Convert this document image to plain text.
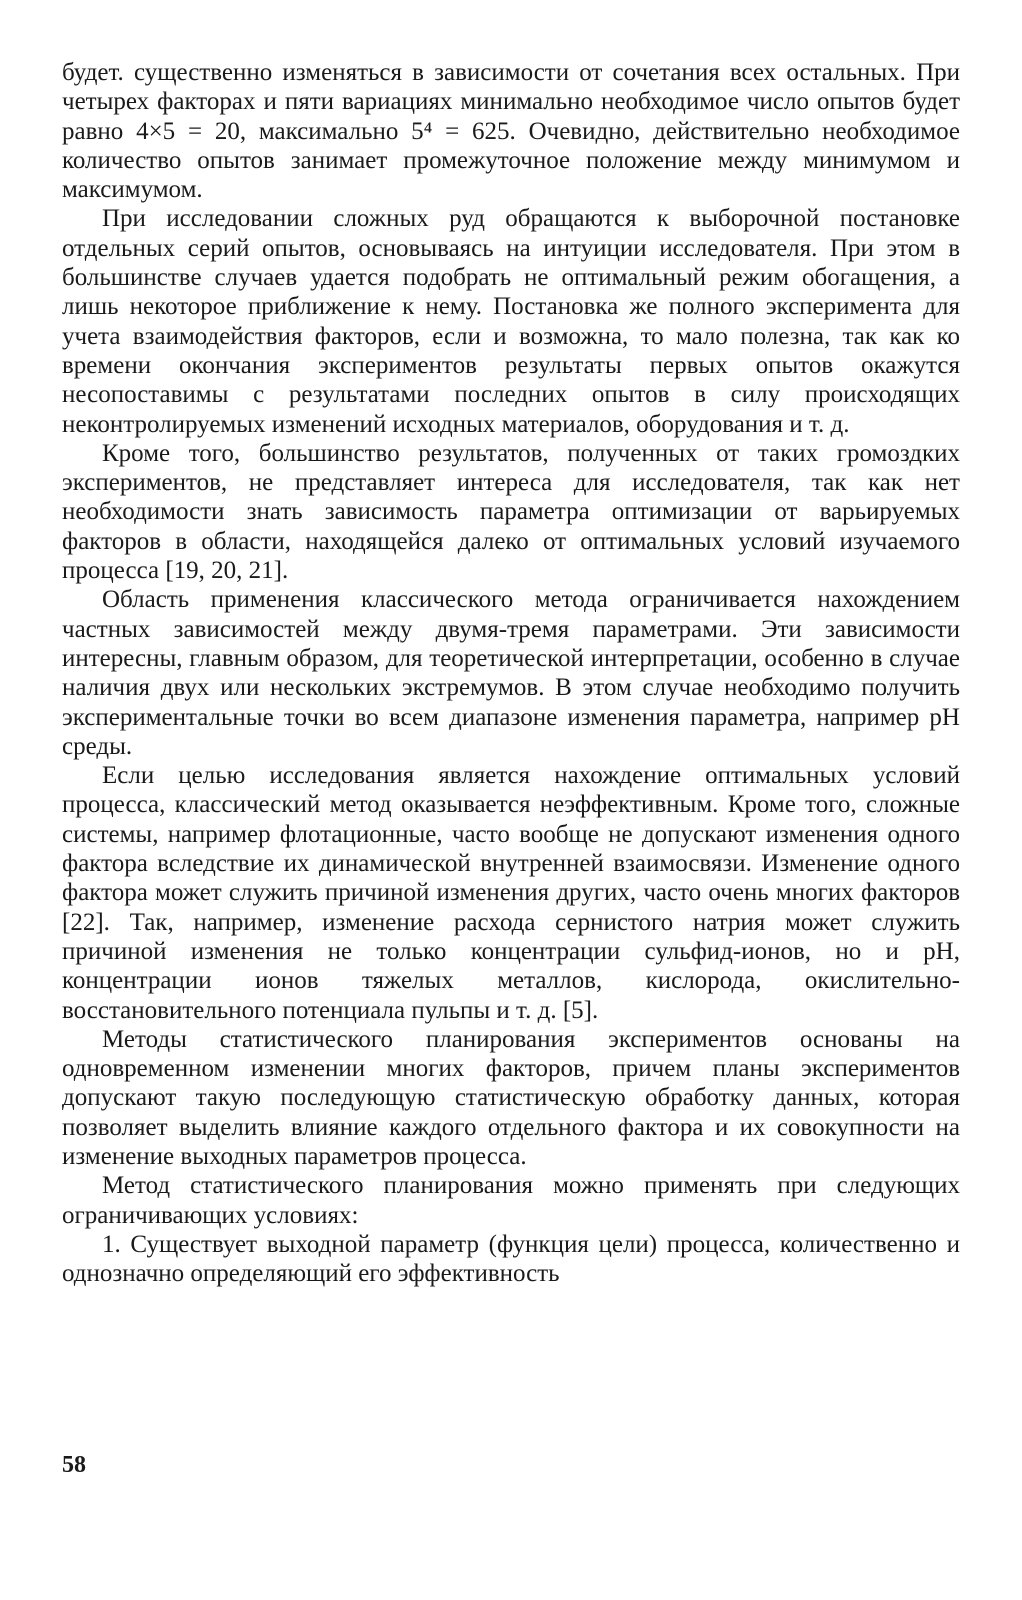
будет. существенно изменяться в зависимости от сочетания всех остальных. При четырех факторах и пяти вариациях минимально необходимое число опытов будет равно 4×5 = 20, максимально 5⁴ = 625. Очевидно, действительно необходимое количество опытов занимает промежуточное положение между минимумом и максимумом.

При исследовании сложных руд обращаются к выборочной постановке отдельных серий опытов, основываясь на интуиции исследователя. При этом в большинстве случаев удается подобрать не оптимальный режим обогащения, а лишь некоторое приближение к нему. Постановка же полного эксперимента для учета взаимодействия факторов, если и возможна, то мало полезна, так как ко времени окончания экспериментов результаты первых опытов окажутся несопоставимы с результатами последних опытов в силу происходящих неконтролируемых изменений исходных материалов, оборудования и т. д.

Кроме того, большинство результатов, полученных от таких громоздких экспериментов, не представляет интереса для исследователя, так как нет необходимости знать зависимость параметра оптимизации от варьируемых факторов в области, находящейся далеко от оптимальных условий изучаемого процесса [19, 20, 21].

Область применения классического метода ограничивается нахождением частных зависимостей между двумя-тремя параметрами. Эти зависимости интересны, главным образом, для теоретической интерпретации, особенно в случае наличия двух или нескольких экстремумов. В этом случае необходимо получить экспериментальные точки во всем диапазоне изменения параметра, например pH среды.

Если целью исследования является нахождение оптимальных условий процесса, классический метод оказывается неэффективным. Кроме того, сложные системы, например флотационные, часто вообще не допускают изменения одного фактора вследствие их динамической внутренней взаимосвязи. Изменение одного фактора может служить причиной изменения других, часто очень многих факторов [22]. Так, например, изменение расхода сернистого натрия может служить причиной изменения не только концентрации сульфид-ионов, но и pH, концентрации ионов тяжелых металлов, кислорода, окислительно-восстановительного потенциала пульпы и т. д. [5].

Методы статистического планирования экспериментов основаны на одновременном изменении многих факторов, причем планы экспериментов допускают такую последующую статистическую обработку данных, которая позволяет выделить влияние каждого отдельного фактора и их совокупности на изменение выходных параметров процесса.

Метод статистического планирования можно применять при следующих ограничивающих условиях:

1. Существует выходной параметр (функция цели) процесса, количественно и однозначно определяющий его эффективность

58
